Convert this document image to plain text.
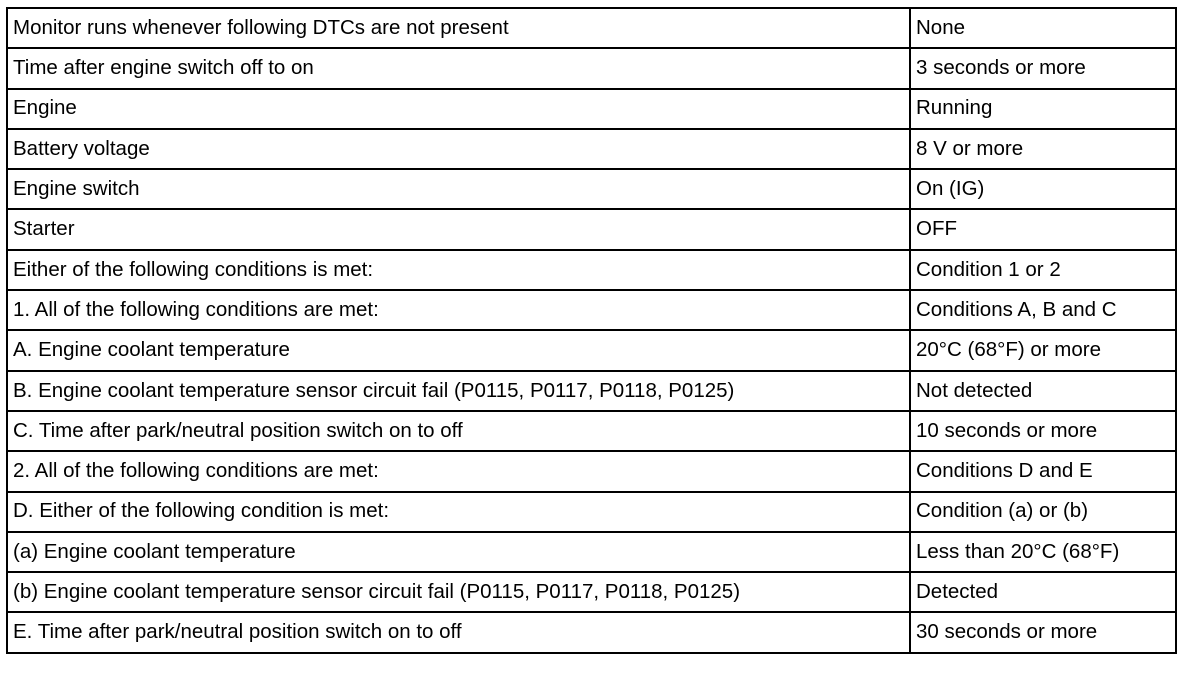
Monitor runs whenever following DTCs are not present	None
Time after engine switch off to on	3 seconds or more
Engine	Running
Battery voltage	8 V or more
Engine switch	On (IG)
Starter	OFF
Either of the following conditions is met:	Condition 1 or 2
1. All of the following conditions are met:	Conditions A, B and C
A. Engine coolant temperature	20°C (68°F) or more
B. Engine coolant temperature sensor circuit fail (P0115, P0117, P0118, P0125)	Not detected
C. Time after park/neutral position switch on to off	10 seconds or more
2. All of the following conditions are met:	Conditions D and E
D. Either of the following condition is met:	Condition (a) or (b)
(a) Engine coolant temperature	Less than 20°C (68°F)
(b) Engine coolant temperature sensor circuit fail (P0115, P0117, P0118, P0125)	Detected
E. Time after park/neutral position switch on to off	30 seconds or more
